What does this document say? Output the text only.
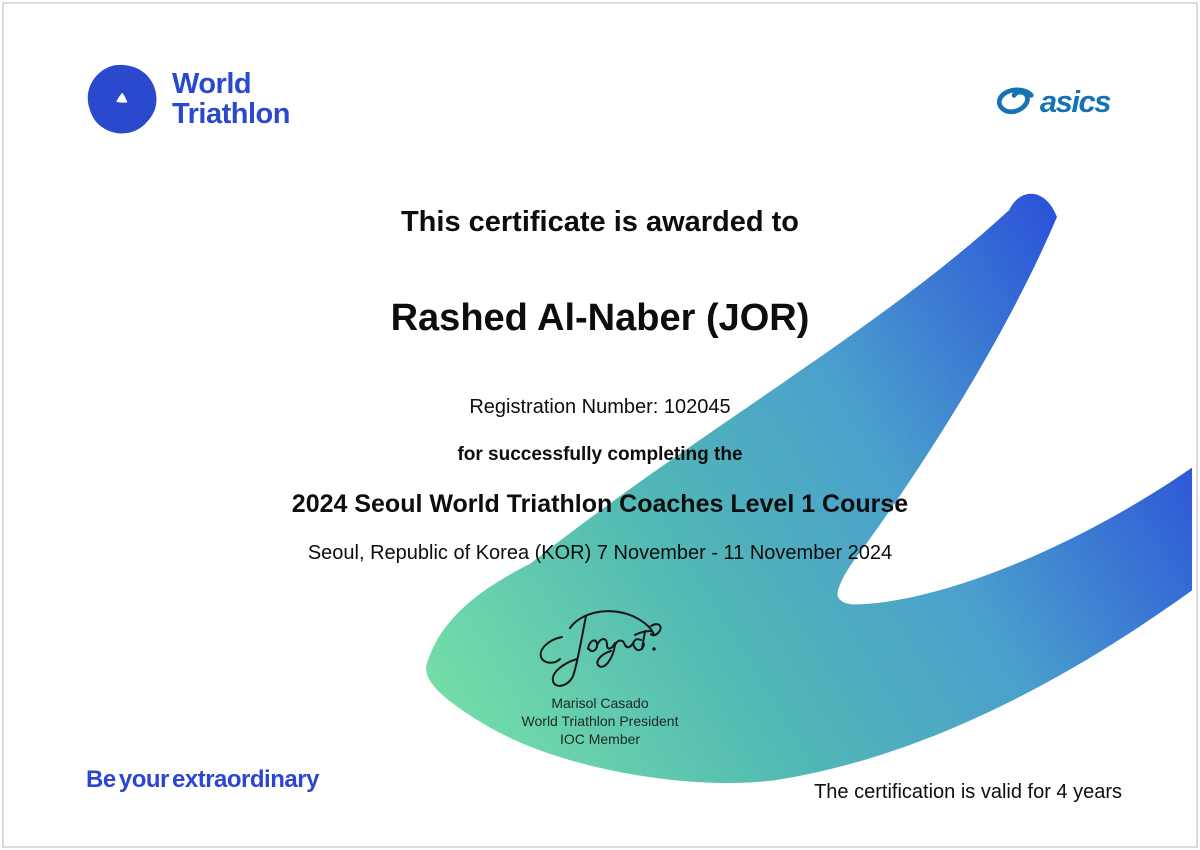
World
Triathlon	asics
This certificate is awarded to
Rashed Al-Naber (JOR)
Registration Number: 102045
for successfully completing the
2024 Seoul World Triathlon Coaches Level 1 Course
Seoul, Republic of Korea (KOR) 7 November - 11 November 2024
Marisol Casado
World Triathlon President
IOC Member
Be your extraordinary	The certification is valid for 4 years
